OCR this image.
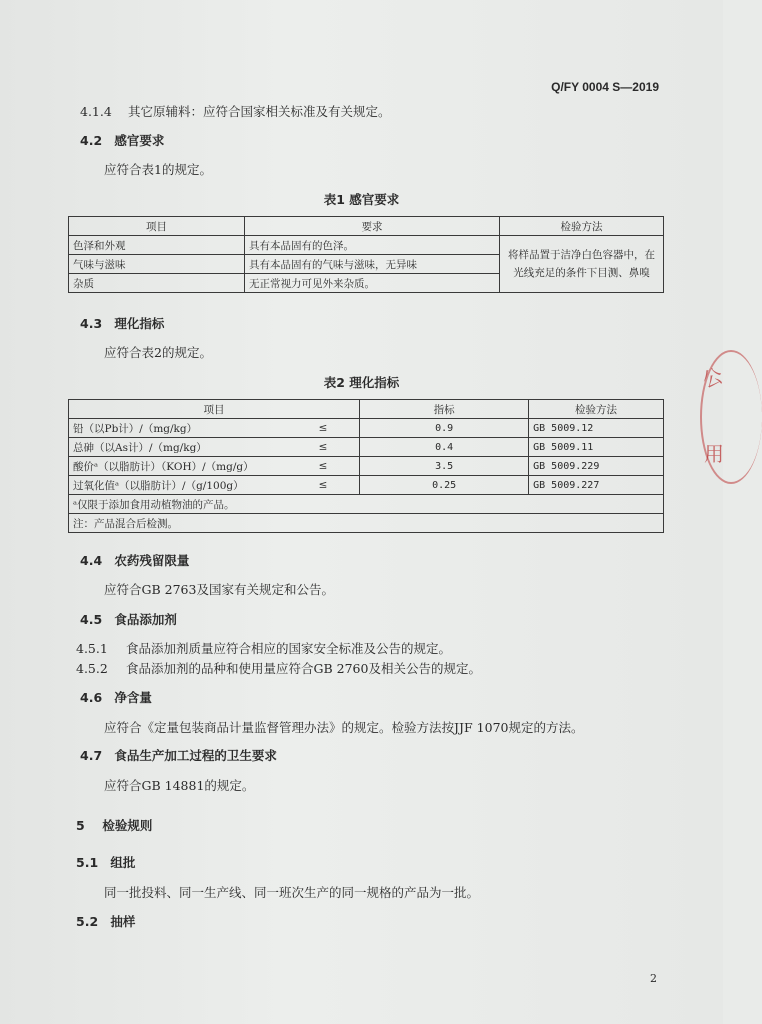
Q/FY 0004 S—2019
4.1.4 其它原辅料：应符合国家相关标准及有关规定。
4.2 感官要求
应符合表1的规定。
表1 感官要求
项目	要求	检验方法
色泽和外观	具有本品固有的色泽。	将样品置于洁净白色容器中，在光线充足的条件下目测、鼻嗅
气味与滋味	具有本品固有的气味与滋味，无异味	
杂质	无正常视力可见外来杂质。	
4.3 理化指标
应符合表2的规定。
表2 理化指标
项目		指标	检验方法
铅（以Pb计）/（mg/kg）	≤	0.9	GB 5009.12
总砷（以As计）/（mg/kg）	≤	0.4	GB 5009.11
酸价ᵃ（以脂肪计）（KOH）/（mg/g）	≤	3.5	GB 5009.229
过氧化值ᵃ（以脂肪计）/（g/100g）	≤	0.25	GB 5009.227
ᵃ仅限于添加食用动植物油的产品。			
注：产品混合后检测。			
4.4 农药残留限量
应符合GB 2763及国家有关规定和公告。
4.5 食品添加剂
4.5.1 食品添加剂质量应符合相应的国家安全标准及公告的规定。
4.5.2 食品添加剂的品种和使用量应符合GB 2760及相关公告的规定。
4.6 净含量
应符合《定量包装商品计量监督管理办法》的规定。检验方法按JJF 1070规定的方法。
4.7 食品生产加工过程的卫生要求
应符合GB 14881的规定。
5 检验规则
5.1 组批
同一批投料、同一生产线、同一班次生产的同一规格的产品为一批。
5.2 抽样
公
用
2
